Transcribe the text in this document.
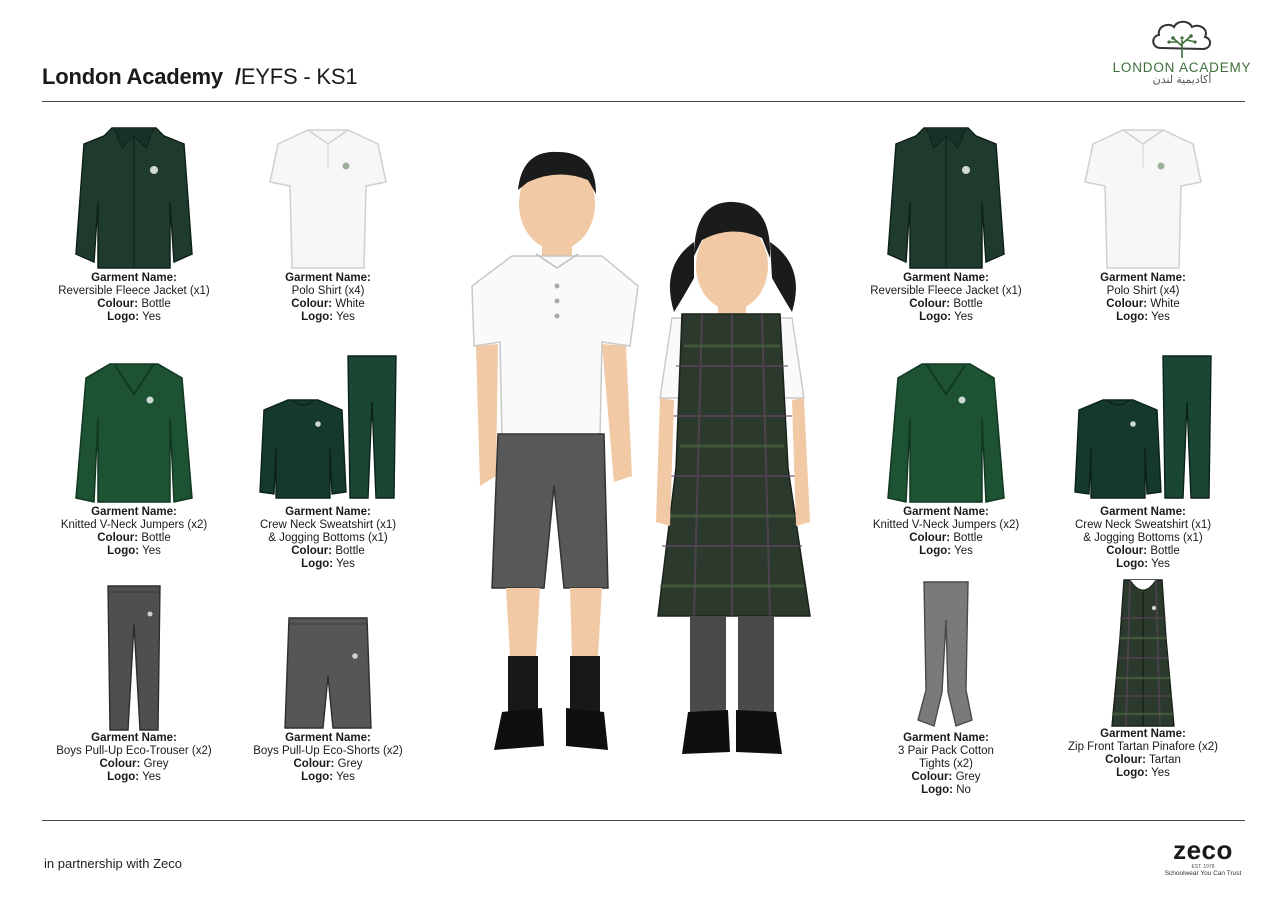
London Academy /EYFS - KS1	LONDON ACADEMY
أكاديمية لندن
Garment Name:
Reversible Fleece Jacket (x1)
Colour: Bottle
Logo: Yes
Garment Name:
Polo Shirt (x4)
Colour: White
Logo: Yes
Garment Name:
Knitted V-Neck Jumpers (x2)
Colour: Bottle
Logo: Yes
Garment Name:
Crew Neck Sweatshirt (x1)
& Jogging Bottoms (x1)
Colour: Bottle
Logo: Yes
Garment Name:
Boys Pull-Up Eco-Trouser (x2)
Colour: Grey
Logo: Yes
Garment Name:
Boys Pull-Up Eco-Shorts (x2)
Colour: Grey
Logo: Yes
Garment Name:
Reversible Fleece Jacket (x1)
Colour: Bottle
Logo: Yes
Garment Name:
Polo Shirt (x4)
Colour: White
Logo: Yes
Garment Name:
Knitted V-Neck Jumpers (x2)
Colour: Bottle
Logo: Yes
Garment Name:
Crew Neck Sweatshirt (x1)
& Jogging Bottoms (x1)
Colour: Bottle
Logo: Yes
Garment Name:
3 Pair Pack Cotton
Tights (x2)
Colour: Grey
Logo: No
Garment Name:
Zip Front Tartan Pinafore (x2)
Colour: Tartan
Logo: Yes
in partnership with Zeco	zeco
EST. 1978
Schoolwear You Can Trust
